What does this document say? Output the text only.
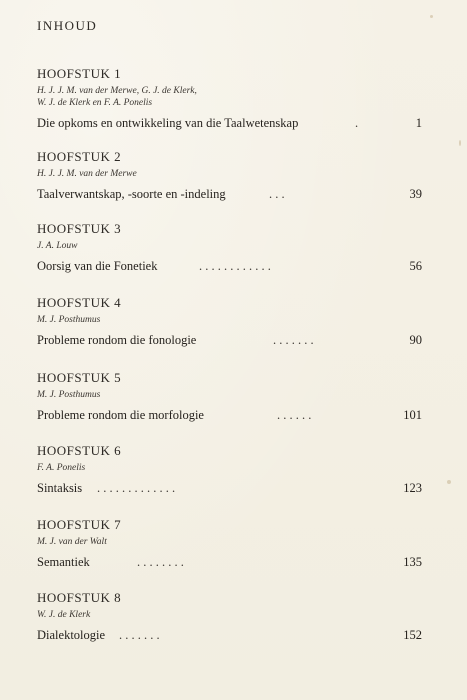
INHOUD
HOOFSTUK 1
H. J. J. M. van der Merwe, G. J. de Klerk,
W. J. de Klerk en F. A. Ponelis
Die opkoms en ontwikkeling van die Taalwetenskap	.	1
HOOFSTUK 2
H. J. J. M. van der Merwe
Taalverwantskap, -soorte en -indeling	. . .	39
HOOFSTUK 3
J. A. Louw
Oorsig van die Fonetiek	. . . . . . . . . . . .	56
HOOFSTUK 4
M. J. Posthumus
Probleme rondom die fonologie	. . . . . . .	90
HOOFSTUK 5
M. J. Posthumus
Probleme rondom die morfologie	. . . . . .	101
HOOFSTUK 6
F. A. Ponelis
Sintaksis . . . . . . . . . . . . .	123
HOOFSTUK 7
M. J. van der Walt
Semantiek	. . . . . . . .	135
HOOFSTUK 8
W. J. de Klerk
Dialektologie . . . . . . .	152
